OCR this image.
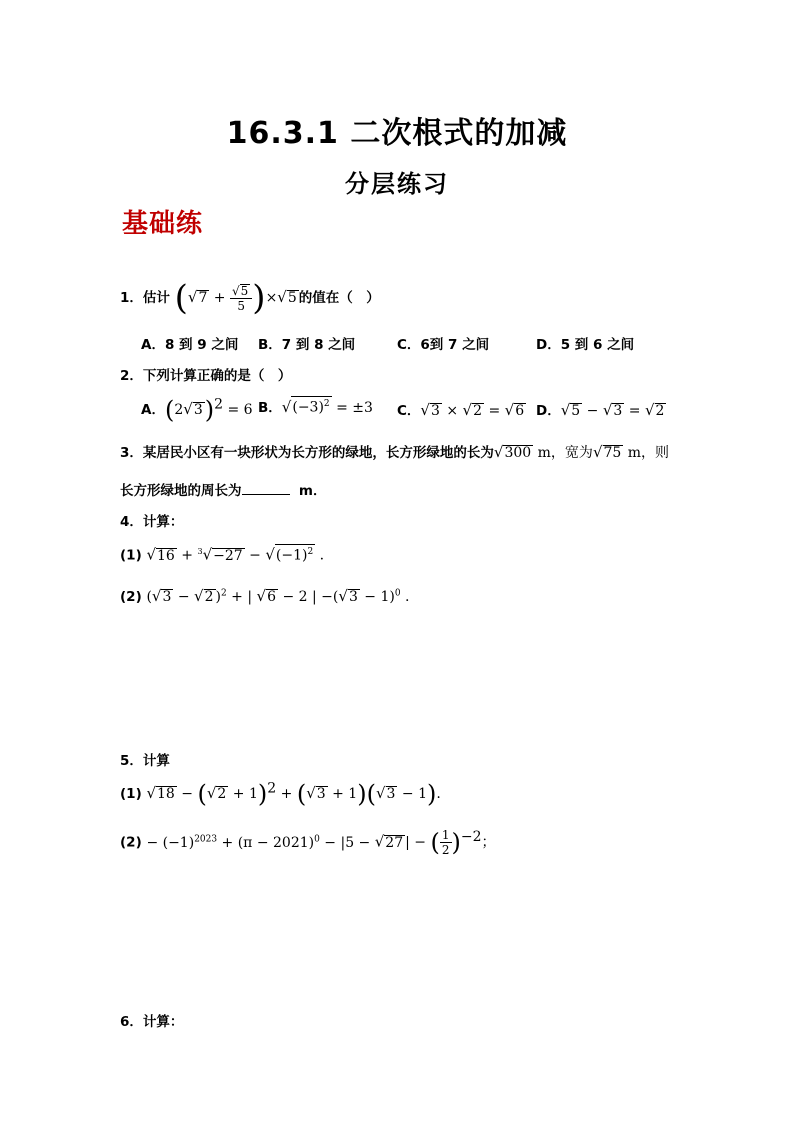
16.3.1 二次根式的加减
分层练习
基础练
1．估计 $(√7 + \frac{√5}{5} )\times√5$ 的值在（　）
A．8 到 9 之间 B．7 到 8 之间	C．6到 7 之间	D．5 到 6 之间
2．下列计算正确的是（　）
A．$(2√3)^2 = 6$ B．$√(-3)^2 = \pm 3$ C．√3 × √2 = √6 D．√5 − √3 = √2
3．某居民小区有一块形状为长方形的绿地，长方形绿地的长为√300 m，宽为√75 m，则
长方形绿地的周长为	m．
4．计算：
(1) $√16 + ^3√-27 - √(-1)^2$ .
(2) (√3 − √2 )$^2$ + | √6 − 2 | $-(√3 - 1)^0$ .
5．计算
(1) $√18 - (√2 + 1)^2 + (√3 + 1)(√3 - 1)$.
$(2) - (-1)^{2023} + (\pi - 2021)^0 - |5 - √27$ | − ( $\frac{1}{2} )^{-2}$；
6．计算：
